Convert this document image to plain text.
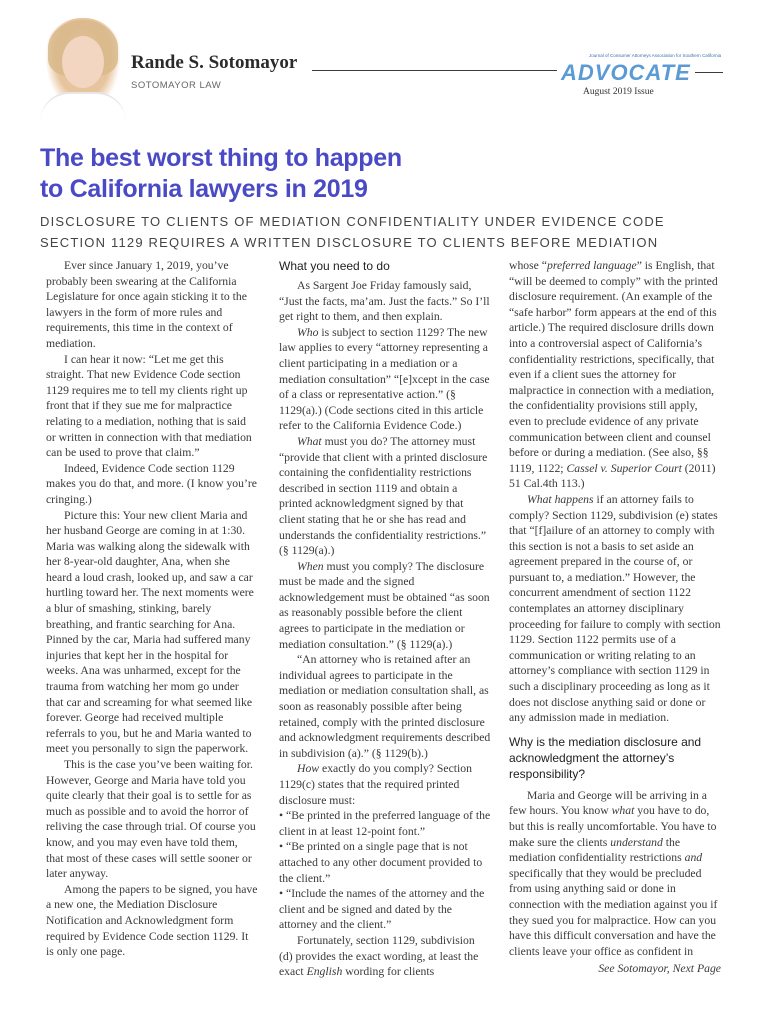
Rande S. Sotomayor
SOTOMAYOR LAW
Journal of Consumer Attorneys Association for Southern California
ADVOCATE
August 2019 Issue
The best worst thing to happen
to California lawyers in 2019
DISCLOSURE TO CLIENTS OF MEDIATION CONFIDENTIALITY UNDER EVIDENCE CODE
SECTION 1129 REQUIRES A WRITTEN DISCLOSURE TO CLIENTS BEFORE MEDIATION

Ever since January 1, 2019, you’ve probably been swearing at the California Legislature for once again sticking it to the lawyers in the form of more rules and requirements, this time in the context of mediation.

I can hear it now: “Let me get this straight. That new Evidence Code section 1129 requires me to tell my clients right up front that if they sue me for malpractice relating to a mediation, nothing that is said or written in connection with that mediation can be used to prove that claim.”

Indeed, Evidence Code section 1129 makes you do that, and more. (I know you’re cringing.)

Picture this: Your new client Maria and her husband George are coming in at 1:30. Maria was walking along the sidewalk with her 8-year-old daughter, Ana, when she heard a loud crash, looked up, and saw a car hurtling toward her. The next moments were a blur of smashing, stinking, barely breathing, and frantic searching for Ana. Pinned by the car, Maria had suffered many injuries that kept her in the hospital for weeks. Ana was unharmed, except for the trauma from watching her mom go under that car and screaming for what seemed like forever. George had received multiple referrals to you, but he and Maria wanted to meet you personally to sign the paperwork.

This is the case you’ve been waiting for. However, George and Maria have told you quite clearly that their goal is to settle for as much as possible and to avoid the horror of reliving the case through trial. Of course you know, and you may even have told them, that most of these cases will settle sooner or later anyway.

Among the papers to be signed, you have a new one, the Mediation Disclosure Notification and Acknowledgment form required by Evidence Code section 1129. It is only one page.

What you need to do

As Sargent Joe Friday famously said, “Just the facts, ma’am. Just the facts.” So I’ll get right to them, and then explain.

Who is subject to section 1129? The new law applies to every “attorney representing a client participating in a mediation or a mediation consultation” “[e]xcept in the case of a class or representative action.” (§ 1129(a).) (Code sections cited in this article refer to the California Evidence Code.)

What must you do? The attorney must “provide that client with a printed disclosure containing the confidentiality restrictions described in section 1119 and obtain a printed acknowledgment signed by that client stating that he or she has read and understands the confidentiality restrictions.” (§ 1129(a).)

When must you comply? The disclosure must be made and the signed acknowledgement must be obtained “as soon as reasonably possible before the client agrees to participate in the mediation or mediation consultation.” (§ 1129(a).)

“An attorney who is retained after an individual agrees to participate in the mediation or mediation consultation shall, as soon as reasonably possible after being retained, comply with the printed disclosure and acknowledgment requirements described in subdivision (a).” (§ 1129(b).)

How exactly do you comply? Section 1129(c) states that the required printed disclosure must:

• “Be printed in the preferred language of the client in at least 12-point font.”

• “Be printed on a single page that is not attached to any other document provided to the client.”

• “Include the names of the attorney and the client and be signed and dated by the attorney and the client.”

Fortunately, section 1129, subdivision (d) provides the exact wording, at least the exact English wording for clients

whose “preferred language” is English, that “will be deemed to comply” with the printed disclosure requirement. (An example of the “safe harbor” form appears at the end of this article.) The required disclosure drills down into a controversial aspect of California’s confidentiality restrictions, specifically, that even if a client sues the attorney for malpractice in connection with a mediation, the confidentiality provisions still apply, even to preclude evidence of any private communication between client and counsel before or during a mediation. (See also, §§ 1119, 1122; Cassel v. Superior Court (2011) 51 Cal.4th 113.)

What happens if an attorney fails to comply? Section 1129, subdivision (e) states that “[f]ailure of an attorney to comply with this section is not a basis to set aside an agreement prepared in the course of, or pursuant to, a mediation.” However, the concurrent amendment of section 1122 contemplates an attorney disciplinary proceeding for failure to comply with section 1129. Section 1122 permits use of a communication or writing relating to an attorney’s compliance with section 1129 in such a disciplinary proceeding as long as it does not disclose anything said or done or any admission made in mediation.

Why is the mediation disclosure and acknowledgment the attorney’s responsibility?

Maria and George will be arriving in a few hours. You know what you have to do, but this is really uncomfortable. You have to make sure the clients understand the mediation confidentiality restrictions and specifically that they would be precluded from using anything said or done in connection with the mediation against you if they sued you for malpractice. How can you have this difficult conversation and have the clients leave your office as confident in

See Sotomayor, Next Page
